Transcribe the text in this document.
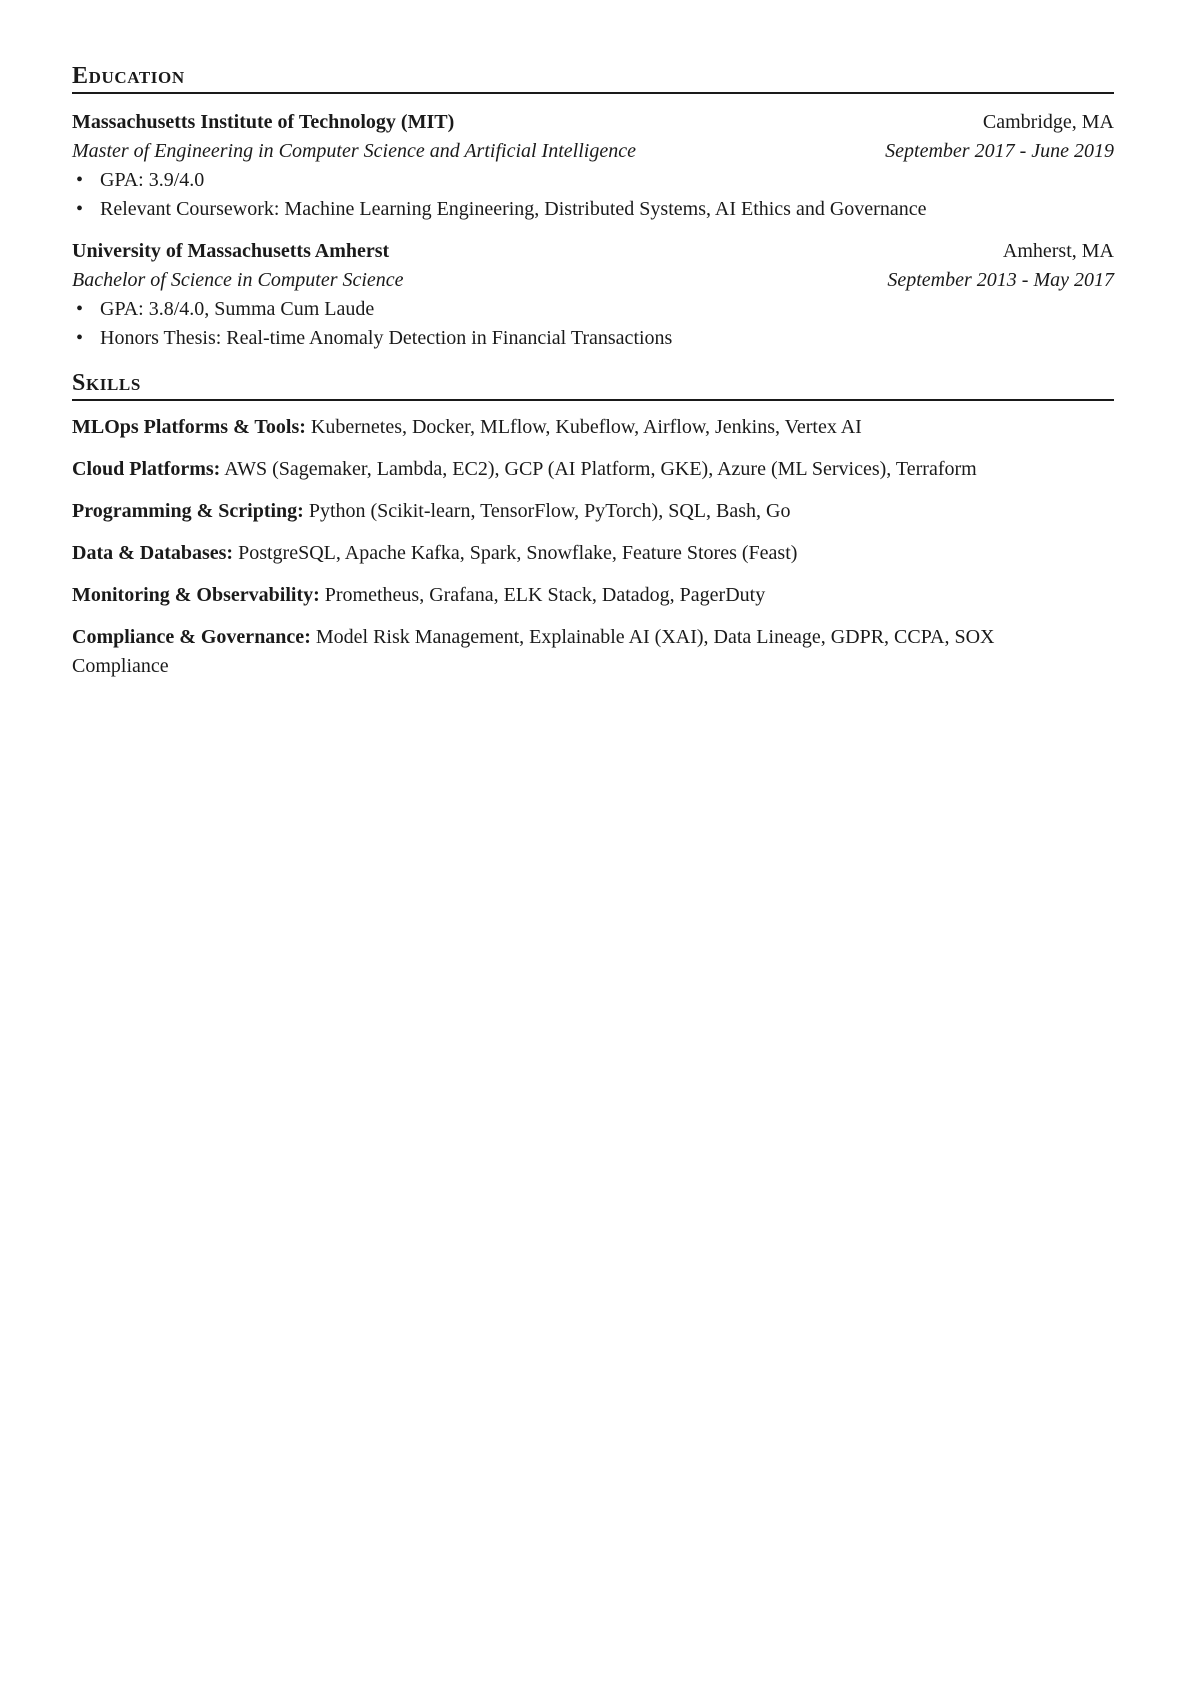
Education
Massachusetts Institute of Technology (MIT)	Cambridge, MA
Master of Engineering in Computer Science and Artificial Intelligence	September 2017 - June 2019
• GPA: 3.9/4.0
• Relevant Coursework: Machine Learning Engineering, Distributed Systems, AI Ethics and Governance
University of Massachusetts Amherst	Amherst, MA
Bachelor of Science in Computer Science	September 2013 - May 2017
• GPA: 3.8/4.0, Summa Cum Laude
• Honors Thesis: Real-time Anomaly Detection in Financial Transactions
Skills

MLOps Platforms & Tools: Kubernetes, Docker, MLflow, Kubeflow, Airflow, Jenkins, Vertex AI

Cloud Platforms: AWS (Sagemaker, Lambda, EC2), GCP (AI Platform, GKE), Azure (ML Services), Terraform

Programming & Scripting: Python (Scikit-learn, TensorFlow, PyTorch), SQL, Bash, Go

Data & Databases: PostgreSQL, Apache Kafka, Spark, Snowflake, Feature Stores (Feast)

Monitoring & Observability: Prometheus, Grafana, ELK Stack, Datadog, PagerDuty

Compliance & Governance: Model Risk Management, Explainable AI (XAI), Data Lineage, GDPR, CCPA, SOX Compliance
